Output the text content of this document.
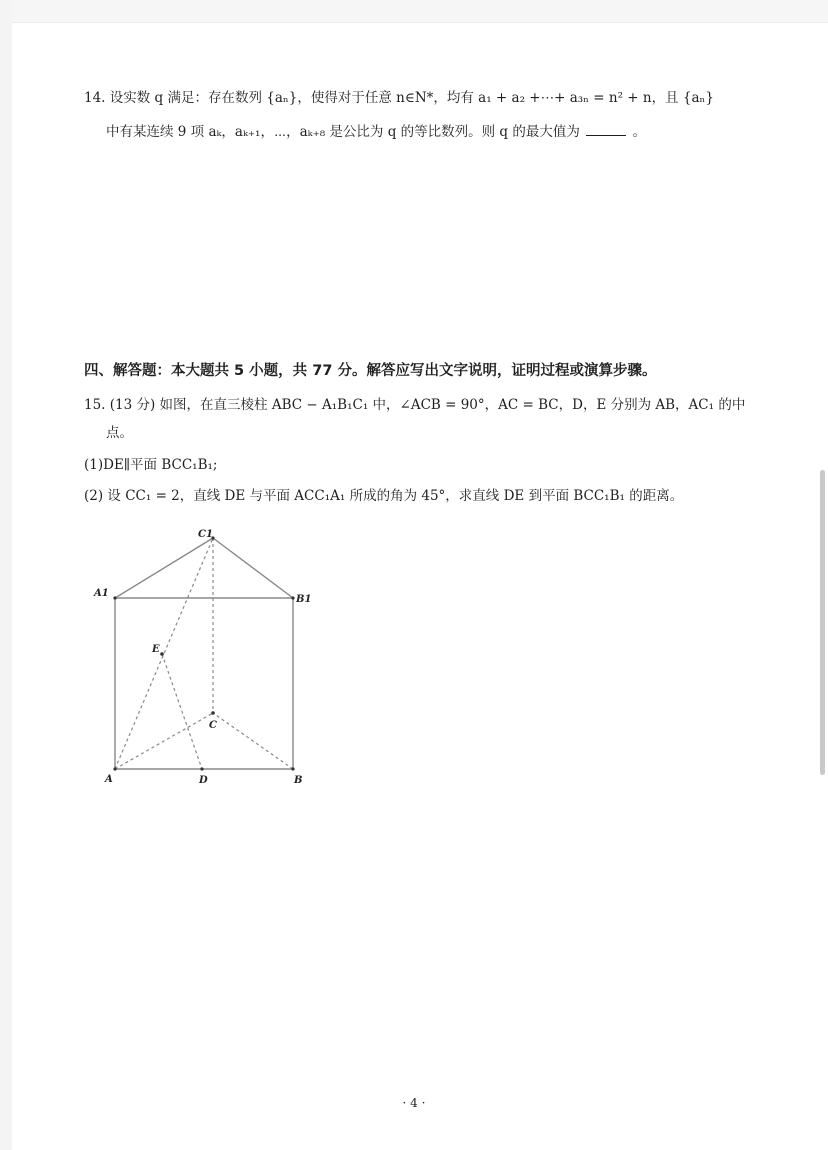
14. 设实数 q 满足：存在数列 {aₙ}，使得对于任意 n∈N*，均有 a₁ + a₂ +⋯+ a₃ₙ = n² + n，且 {aₙ}
中有某连续 9 项 aₖ，aₖ₊₁，⋯，aₖ₊₈ 是公比为 q 的等比数列。则 q 的最大值为	。
四、解答题：本大题共 5 小题，共 77 分。解答应写出文字说明，证明过程或演算步骤。
15. (13 分) 如图，在直三棱柱 ABC − A₁B₁C₁ 中，∠ACB = 90°，AC = BC，D，E 分别为 AB，AC₁ 的中
点。
(1)DE∥平面 BCC₁B₁;
(2) 设 CC₁ = 2，直线 DE 与平面 ACC₁A₁ 所成的角为 45°，求直线 DE 到平面 BCC₁B₁ 的距离。
C1
A1
B1
E
C
A	D	B
· 4 ·
